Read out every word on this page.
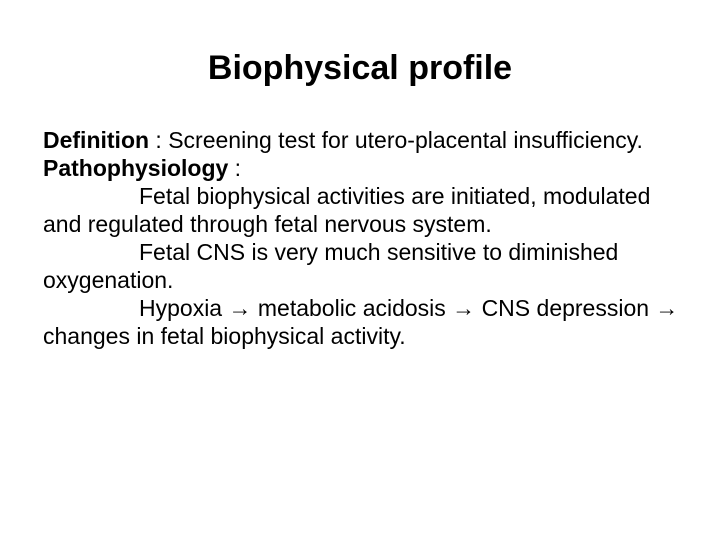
Biophysical profile

Definition : Screening test for utero-placental insufficiency.

Pathophysiology :

Fetal biophysical activities are initiated, modulated and regulated through fetal nervous system.

Fetal CNS is very much sensitive to diminished oxygenation.

Hypoxia → metabolic acidosis → CNS depression → changes in fetal biophysical activity.
